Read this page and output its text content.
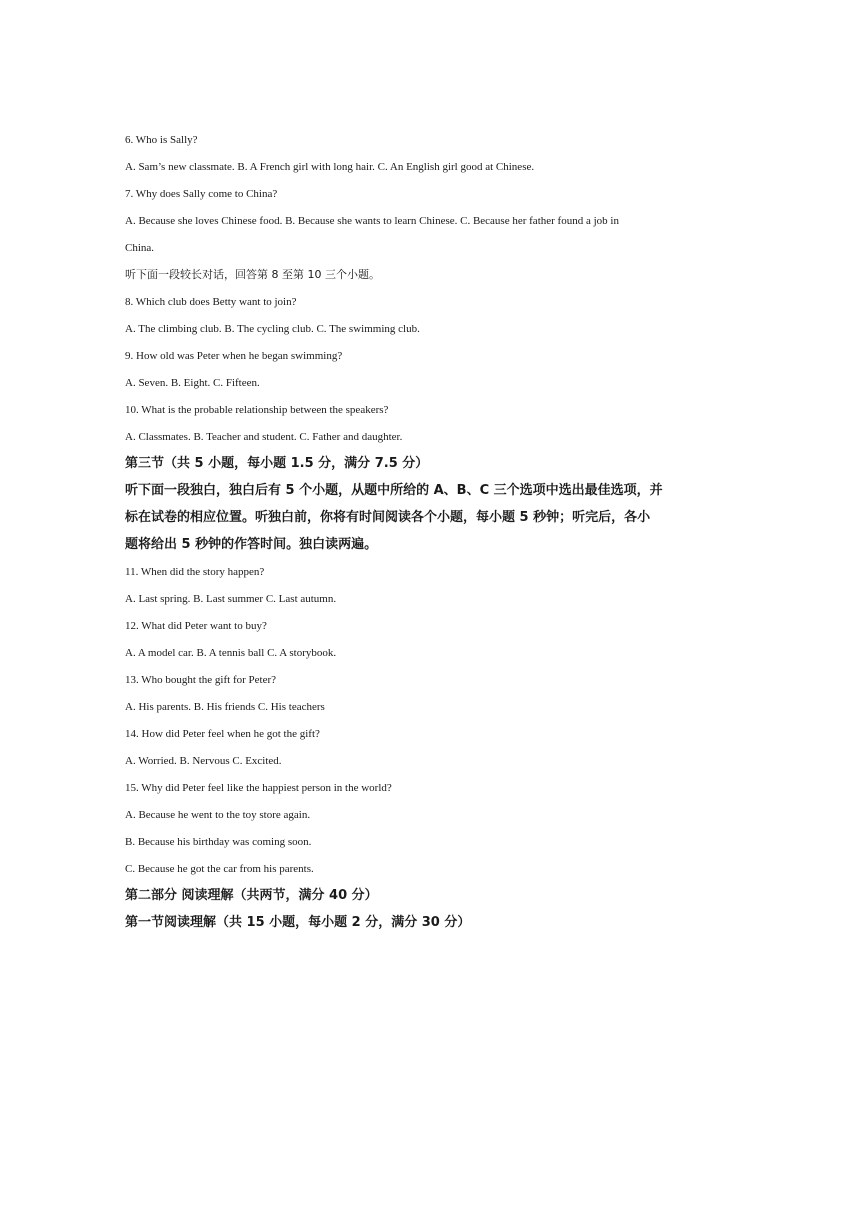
6. Who is Sally?
A. Sam’s new classmate. B. A French girl with long hair. C. An English girl good at Chinese.
7. Why does Sally come to China?
A. Because she loves Chinese food. B. Because she wants to learn Chinese. C. Because her father found a job in
China.
听下面一段较长对话，回答第 8 至第 10 三个小题。
8. Which club does Betty want to join?
A. The climbing club. B. The cycling club. C. The swimming club.
9. How old was Peter when he began swimming?
A. Seven. B. Eight. C. Fifteen.
10. What is the probable relationship between the speakers?
A. Classmates. B. Teacher and student. C. Father and daughter.
第三节（共 5 小题，每小题 1.5 分，满分 7.5 分）
听下面一段独白，独白后有 5 个小题，从题中所给的 A、B、C 三个选项中选出最佳选项，并
标在试卷的相应位置。听独白前，你将有时间阅读各个小题，每小题 5 秒钟；听完后，各小
题将给出 5 秒钟的作答时间。独白读两遍。
11. When did the story happen?
A. Last spring. B. Last summer C. Last autumn.
12. What did Peter want to buy?
A. A model car. B. A tennis ball C. A storybook.
13. Who bought the gift for Peter?
A. His parents. B. His friends C. His teachers
14. How did Peter feel when he got the gift?
A. Worried. B. Nervous C. Excited.
15. Why did Peter feel like the happiest person in the world?
A. Because he went to the toy store again.
B. Because his birthday was coming soon.
C. Because he got the car from his parents.
第二部分 阅读理解（共两节，满分 40 分）
第一节阅读理解（共 15 小题，每小题 2 分，满分 30 分）
